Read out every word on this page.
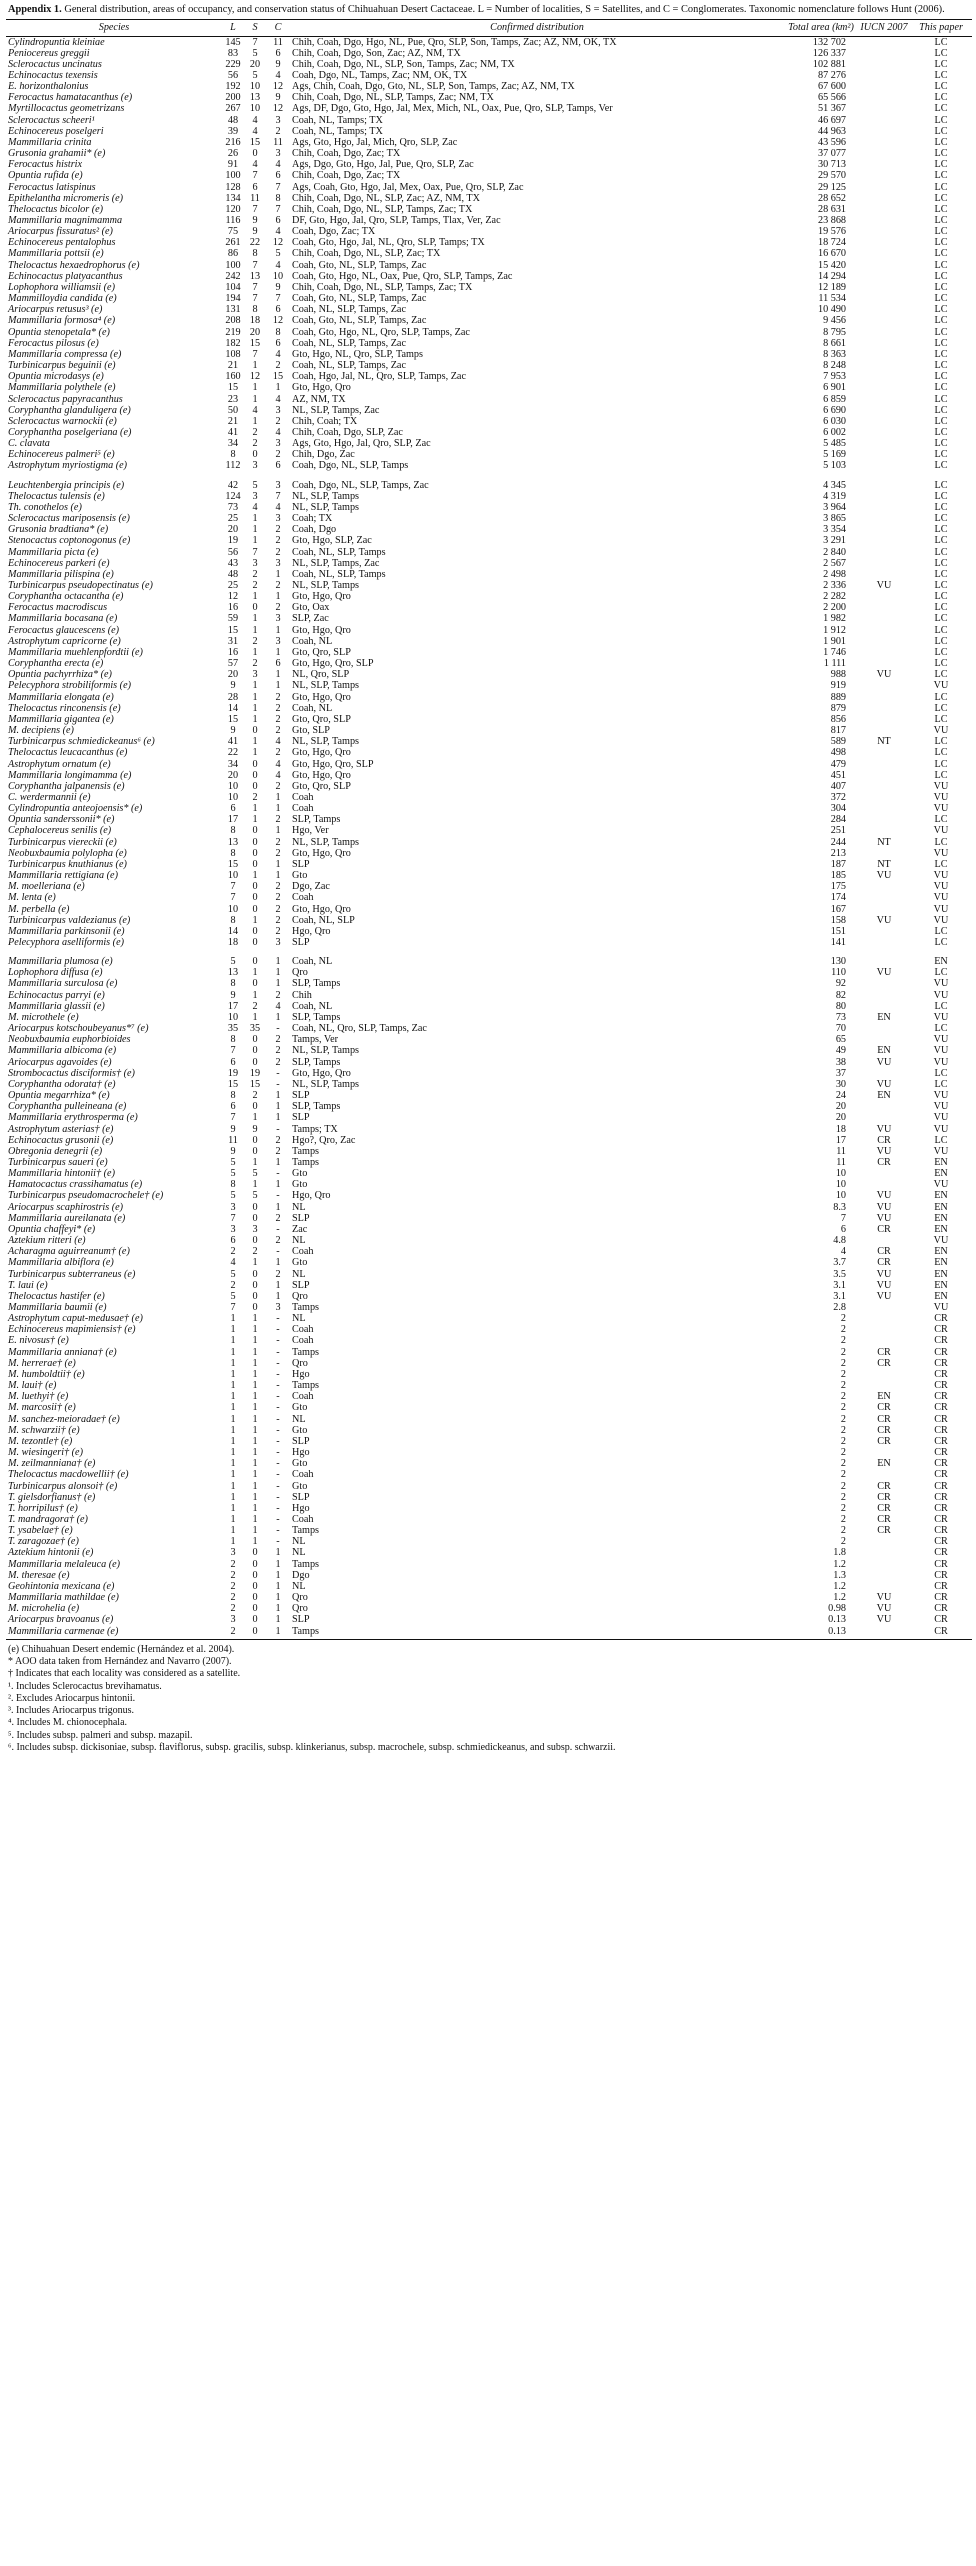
Appendix 1. General distribution, areas of occupancy, and conservation status of Chihuahuan Desert Cactaceae. L = Number of localities, S = Satellites, and C = Conglomerates. Taxonomic nomenclature follows Hunt (2006).
Species	L	S	C	Confirmed distribution	Total area (km²)	IUCN 2007	This paper
Cylindropuntia kleiniae	145	7	11	Chih, Coah, Dgo, Hgo, NL, Pue, Qro, SLP, Son, Tamps, Zac; AZ, NM, OK, TX	132 702		LC
Peniocereus greggii	83	5	6	Chih, Coah, Dgo, Son, Zac; AZ, NM, TX	126 337		LC
Sclerocactus uncinatus	229	20	9	Chih, Coah, Dgo, NL, SLP, Son, Tamps, Zac; NM, TX	102 881		LC
Echinocactus texensis	56	5	4	Coah, Dgo, NL, Tamps, Zac; NM, OK, TX	87 276		LC
E. horizonthalonius	192	10	12	Ags, Chih, Coah, Dgo, Gto, NL, SLP, Son, Tamps, Zac; AZ, NM, TX	67 600		LC
Ferocactus hamatacanthus (e)	200	13	9	Chih, Coah, Dgo, NL, SLP, Tamps, Zac; NM, TX	65 566		LC
Myrtillocactus geometrizans	267	10	12	Ags, DF, Dgo, Gto, Hgo, Jal, Mex, Mich, NL, Oax, Pue, Qro, SLP, Tamps, Ver	51 367		LC
Sclerocactus scheeri¹	48	4	3	Coah, NL, Tamps; TX	46 697		LC
Echinocereus poselgeri	39	4	2	Coah, NL, Tamps; TX	44 963		LC
Mammillaria crinita	216	15	11	Ags, Gto, Hgo, Jal, Mich, Qro, SLP, Zac	43 596		LC
Grusonia grahamii* (e)	26	0	3	Chih, Coah, Dgo, Zac; TX	37 077		LC
Ferocactus histrix	91	4	4	Ags, Dgo, Gto, Hgo, Jal, Pue, Qro, SLP, Zac	30 713		LC
Opuntia rufida (e)	100	7	6	Chih, Coah, Dgo, Zac; TX	29 570		LC
Ferocactus latispinus	128	6	7	Ags, Coah, Gto, Hgo, Jal, Mex, Oax, Pue, Qro, SLP, Zac	29 125		LC
Epithelantha micromeris (e)	134	11	8	Chih, Coah, Dgo, NL, SLP, Zac; AZ, NM, TX	28 652		LC
Thelocactus bicolor (e)	120	7	7	Chih, Coah, Dgo, NL, SLP, Tamps, Zac; TX	28 631		LC
Mammillaria magnimamma	116	9	6	DF, Gto, Hgo, Jal, Qro, SLP, Tamps, Tlax, Ver, Zac	23 868		LC
Ariocarpus fissuratus² (e)	75	9	4	Coah, Dgo, Zac; TX	19 576		LC
Echinocereus pentalophus	261	22	12	Coah, Gto, Hgo, Jal, NL, Qro, SLP, Tamps; TX	18 724		LC
Mammillaria pottsii (e)	86	8	5	Chih, Coah, Dgo, NL, SLP, Zac; TX	16 670		LC
Thelocactus hexaedrophorus (e)	100	7	4	Coah, Gto, NL, SLP, Tamps, Zac	15 420		LC
Echinocactus platyacanthus	242	13	10	Coah, Gto, Hgo, NL, Oax, Pue, Qro, SLP, Tamps, Zac	14 294		LC
Lophophora williamsii (e)	104	7	9	Chih, Coah, Dgo, NL, SLP, Tamps, Zac; TX	12 189		LC
Mammilloydia candida (e)	194	7	7	Coah, Gto, NL, SLP, Tamps, Zac	11 534		LC
Ariocarpus retusus³ (e)	131	8	6	Coah, NL, SLP, Tamps, Zac	10 490		LC
Mammillaria formosa⁴ (e)	208	18	12	Coah, Gto, NL, SLP, Tamps, Zac	9 456		LC
Opuntia stenopetala* (e)	219	20	8	Coah, Gto, Hgo, NL, Qro, SLP, Tamps, Zac	8 795		LC
Ferocactus pilosus (e)	182	15	6	Coah, NL, SLP, Tamps, Zac	8 661		LC
Mammillaria compressa (e)	108	7	4	Gto, Hgo, NL, Qro, SLP, Tamps	8 363		LC
Turbinicarpus beguinii (e)	21	1	2	Coah, NL, SLP, Tamps, Zac	8 248		LC
Opuntia microdasys (e)	160	12	15	Coah, Hgo, Jal, NL, Qro, SLP, Tamps, Zac	7 953		LC
Mammillaria polythele (e)	15	1	1	Gto, Hgo, Qro	6 901		LC
Sclerocactus papyracanthus	23	1	4	AZ, NM, TX	6 859		LC
Coryphantha glanduligera (e)	50	4	3	NL, SLP, Tamps, Zac	6 690		LC
Sclerocactus warnockii (e)	21	1	2	Chih, Coah; TX	6 030		LC
Coryphantha poselgeriana (e)	41	2	4	Chih, Coah, Dgo, SLP, Zac	6 002		LC
C. clavata	34	2	3	Ags, Gto, Hgo, Jal, Qro, SLP, Zac	5 485		LC
Echinocereus palmeri⁵ (e)	8	0	2	Chih, Dgo, Zac	5 169		LC
Astrophytum myriostigma (e)	112	3	6	Coah, Dgo, NL, SLP, Tamps	5 103		LC
Leuchtenbergia principis (e)	42	5	3	Coah, Dgo, NL, SLP, Tamps, Zac	4 345		LC
Thelocactus tulensis (e)	124	3	7	NL, SLP, Tamps	4 319		LC
Th. conothelos (e)	73	4	4	NL, SLP, Tamps	3 964		LC
Sclerocactus mariposensis (e)	25	1	3	Coah; TX	3 865		LC
Grusonia bradtiana* (e)	20	1	2	Coah, Dgo	3 354		LC
Stenocactus coptonogonus (e)	19	1	2	Gto, Hgo, SLP, Zac	3 291		LC
Mammillaria picta (e)	56	7	2	Coah, NL, SLP, Tamps	2 840		LC
Echinocereus parkeri (e)	43	3	3	NL, SLP, Tamps, Zac	2 567		LC
Mammillaria pilispina (e)	48	2	1	Coah, NL, SLP, Tamps	2 498		LC
Turbinicarpus pseudopectinatus (e)	25	2	2	NL, SLP, Tamps	2 336	VU	LC
Coryphantha octacantha (e)	12	1	1	Gto, Hgo, Qro	2 282		LC
Ferocactus macrodiscus	16	0	2	Gto, Oax	2 200		LC
Mammillaria bocasana (e)	59	1	3	SLP, Zac	1 982		LC
Ferocactus glaucescens (e)	15	1	1	Gto, Hgo, Qro	1 912		LC
Astrophytum capricorne (e)	31	2	3	Coah, NL	1 901		LC
Mammillaria muehlenpfordtii (e)	16	1	1	Gto, Qro, SLP	1 746		LC
Coryphantha erecta (e)	57	2	6	Gto, Hgo, Qro, SLP	1 111		LC
Opuntia pachyrrhiza* (e)	20	3	1	NL, Qro, SLP	988	VU	LC
Pelecyphora strobiliformis (e)	9	1	1	NL, SLP, Tamps	919		VU
Mammillaria elongata (e)	28	1	2	Gto, Hgo, Qro	889		LC
Thelocactus rinconensis (e)	14	1	2	Coah, NL	879		LC
Mammillaria gigantea (e)	15	1	2	Gto, Qro, SLP	856		LC
M. decipiens (e)	9	0	2	Gto, SLP	817		VU
Turbinicarpus schmiedickeanus⁶ (e)	41	1	4	NL, SLP, Tamps	589	NT	LC
Thelocactus leucacanthus (e)	22	1	2	Gto, Hgo, Qro	498		LC
Astrophytum ornatum (e)	34	0	4	Gto, Hgo, Qro, SLP	479		LC
Mammillaria longimamma (e)	20	0	4	Gto, Hgo, Qro	451		LC
Coryphantha jalpanensis (e)	10	0	2	Gto, Qro, SLP	407		VU
C. werdermannii (e)	10	2	1	Coah	372		VU
Cylindropuntia anteojoensis* (e)	6	1	1	Coah	304		VU
Opuntia sanderssonii* (e)	17	1	2	SLP, Tamps	284		LC
Cephalocereus senilis (e)	8	0	1	Hgo, Ver	251		VU
Turbinicarpus viereckii (e)	13	0	2	NL, SLP, Tamps	244	NT	LC
Neobuxbaumia polylopha (e)	8	0	2	Gto, Hgo, Qro	213		VU
Turbinicarpus knuthianus (e)	15	0	1	SLP	187	NT	LC
Mammillaria rettigiana (e)	10	1	1	Gto	185	VU	VU
M. moelleriana (e)	7	0	2	Dgo, Zac	175		VU
M. lenta (e)	7	0	2	Coah	174		VU
M. perbella (e)	10	0	2	Gto, Hgo, Qro	167		VU
Turbinicarpus valdezianus (e)	8	1	2	Coah, NL, SLP	158	VU	VU
Mammillaria parkinsonii (e)	14	0	2	Hgo, Qro	151		LC
Pelecyphora aselliformis (e)	18	0	3	SLP	141		LC
Mammillaria plumosa (e)	5	0	1	Coah, NL	130		EN
Lophophora diffusa (e)	13	1	1	Qro	110	VU	LC
Mammillaria surculosa (e)	8	0	1	SLP, Tamps	92		VU
Echinocactus parryi (e)	9	1	2	Chih	82		VU
Mammillaria glassii (e)	17	2	4	Coah, NL	80		LC
M. microthele (e)	10	1	1	SLP, Tamps	73	EN	VU
Ariocarpus kotschoubeyanus*⁷ (e)	35	35	-	Coah, NL, Qro, SLP, Tamps, Zac	70		LC
Neobuxbaumia euphorbioides	8	0	2	Tamps, Ver	65		VU
Mammillaria albicoma (e)	7	0	2	NL, SLP, Tamps	49	EN	VU
Ariocarpus agavoides (e)	6	0	2	SLP, Tamps	38	VU	VU
Strombocactus disciformis† (e)	19	19	-	Gto, Hgo, Qro	37		LC
Coryphantha odorata† (e)	15	15	-	NL, SLP, Tamps	30	VU	LC
Opuntia megarrhiza* (e)	8	2	1	SLP	24	EN	VU
Coryphantha pulleineana (e)	6	0	1	SLP, Tamps	20		VU
Mammillaria erythrosperma (e)	7	1	1	SLP	20		VU
Astrophytum asterias† (e)	9	9	-	Tamps; TX	18	VU	VU
Echinocactus grusonii (e)	11	0	2	Hgo?, Qro, Zac	17	CR	LC
Obregonia denegrii (e)	9	0	2	Tamps	11	VU	VU
Turbinicarpus saueri (e)	5	1	1	Tamps	11	CR	EN
Mammillaria hintonii† (e)	5	5	-	Gto	10		EN
Hamatocactus crassihamatus (e)	8	1	1	Gto	10		VU
Turbinicarpus pseudomacrochele† (e)	5	5	-	Hgo, Qro	10	VU	EN
Ariocarpus scaphirostris (e)	3	0	1	NL	8.3	VU	EN
Mammillaria aureilanata (e)	7	0	2	SLP	7	VU	EN
Opuntia chaffeyi* (e)	3	3	-	Zac	6	CR	EN
Aztekium ritteri (e)	6	0	2	NL	4.8		VU
Acharagma aguirreanum† (e)	2	2	-	Coah	4	CR	EN
Mammillaria albiflora (e)	4	1	1	Gto	3.7	CR	EN
Turbinicarpus subterraneus (e)	5	0	2	NL	3.5	VU	EN
T. laui (e)	2	0	1	SLP	3.1	VU	EN
Thelocactus hastifer (e)	5	0	1	Qro	3.1	VU	EN
Mammillaria baumii (e)	7	0	3	Tamps	2.8		VU
Astrophytum caput-medusae† (e)	1	1	-	NL	2		CR
Echinocereus mapimiensis† (e)	1	1	-	Coah	2		CR
E. nivosus† (e)	1	1	-	Coah	2		CR
Mammillaria anniana† (e)	1	1	-	Tamps	2	CR	CR
M. herrerae† (e)	1	1	-	Qro	2	CR	CR
M. humboldtii† (e)	1	1	-	Hgo	2		CR
M. laui† (e)	1	1	-	Tamps	2		CR
M. luethyi† (e)	1	1	-	Coah	2	EN	CR
M. marcosii† (e)	1	1	-	Gto	2	CR	CR
M. sanchez-meioradae† (e)	1	1	-	NL	2	CR	CR
M. schwarzii† (e)	1	1	-	Gto	2	CR	CR
M. tezontle† (e)	1	1	-	SLP	2	CR	CR
M. wiesingeri† (e)	1	1	-	Hgo	2		CR
M. zeilmanniana† (e)	1	1	-	Gto	2	EN	CR
Thelocactus macdowellii† (e)	1	1	-	Coah	2		CR
Turbinicarpus alonsoi† (e)	1	1	-	Gto	2	CR	CR
T. gielsdorfianus† (e)	1	1	-	SLP	2	CR	CR
T. horripilus† (e)	1	1	-	Hgo	2	CR	CR
T. mandragora† (e)	1	1	-	Coah	2	CR	CR
T. ysabelae† (e)	1	1	-	Tamps	2	CR	CR
T. zaragozae† (e)	1	1	-	NL	2		CR
Aztekium hintonii (e)	3	0	1	NL	1.8		CR
Mammillaria melaleuca (e)	2	0	1	Tamps	1.2		CR
M. theresae (e)	2	0	1	Dgo	1.3		CR
Geohintonia mexicana (e)	2	0	1	NL	1.2		CR
Mammillaria mathildae (e)	2	0	1	Qro	1.2	VU	CR
M. microhelia (e)	2	0	1	Qro	0.98	VU	CR
Ariocarpus bravoanus (e)	3	0	1	SLP	0.13	VU	CR
Mammillaria carmenae (e)	2	0	1	Tamps	0.13		CR
(e) Chihuahuan Desert endemic (Hernández et al. 2004).
* AOO data taken from Hernández and Navarro (2007).
† Indicates that each locality was considered as a satellite.
¹. Includes Sclerocactus brevihamatus.
². Excludes Ariocarpus hintonii.
³. Includes Ariocarpus trigonus.
⁴. Includes M. chionocephala.
⁵. Includes subsp. palmeri and subsp. mazapil.
⁶. Includes subsp. dickisoniae, subsp. flaviflorus, subsp. gracilis, subsp. klinkerianus, subsp. macrochele, subsp. schmiedickeanus, and subsp. schwarzii.
